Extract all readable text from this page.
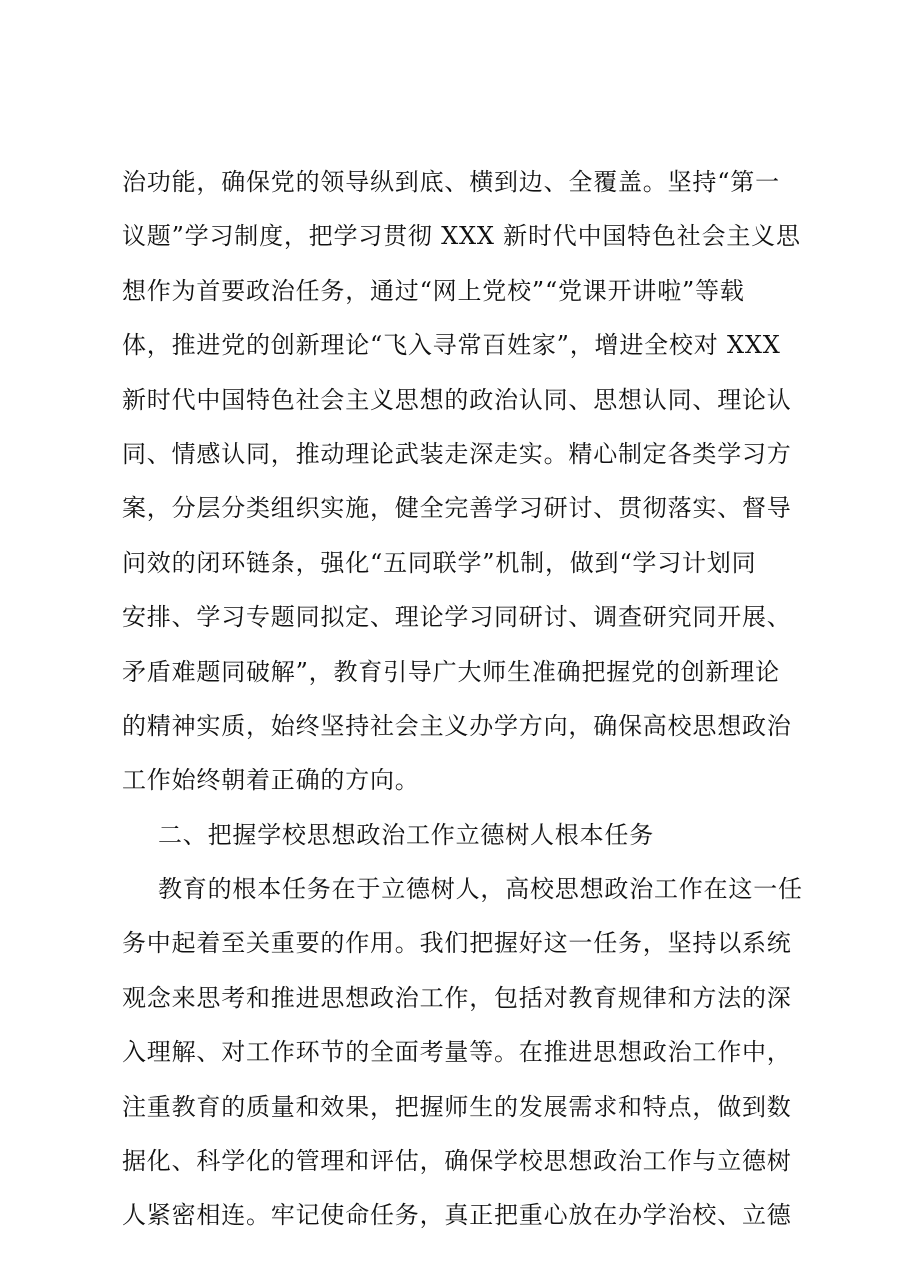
治功能，确保党的领导纵到底、横到边、全覆盖。坚持“第一
议题”学习制度，把学习贯彻 XXX 新时代中国特色社会主义思
想作为首要政治任务，通过“网上党校”“党课开讲啦”等载
体，推进党的创新理论“飞入寻常百姓家”，增进全校对 XXX
新时代中国特色社会主义思想的政治认同、思想认同、理论认
同、情感认同，推动理论武装走深走实。精心制定各类学习方
案，分层分类组织实施，健全完善学习研讨、贯彻落实、督导
问效的闭环链条，强化“五同联学”机制，做到“学习计划同
安排、学习专题同拟定、理论学习同研讨、调查研究同开展、
矛盾难题同破解”，教育引导广大师生准确把握党的创新理论
的精神实质，始终坚持社会主义办学方向，确保高校思想政治
工作始终朝着正确的方向。
二、把握学校思想政治工作立德树人根本任务
教育的根本任务在于立德树人，高校思想政治工作在这一任
务中起着至关重要的作用。我们把握好这一任务，坚持以系统
观念来思考和推进思想政治工作，包括对教育规律和方法的深
入理解、对工作环节的全面考量等。在推进思想政治工作中，
注重教育的质量和效果，把握师生的发展需求和特点，做到数
据化、科学化的管理和评估，确保学校思想政治工作与立德树
人紧密相连。牢记使命任务，真正把重心放在办学治校、立德
